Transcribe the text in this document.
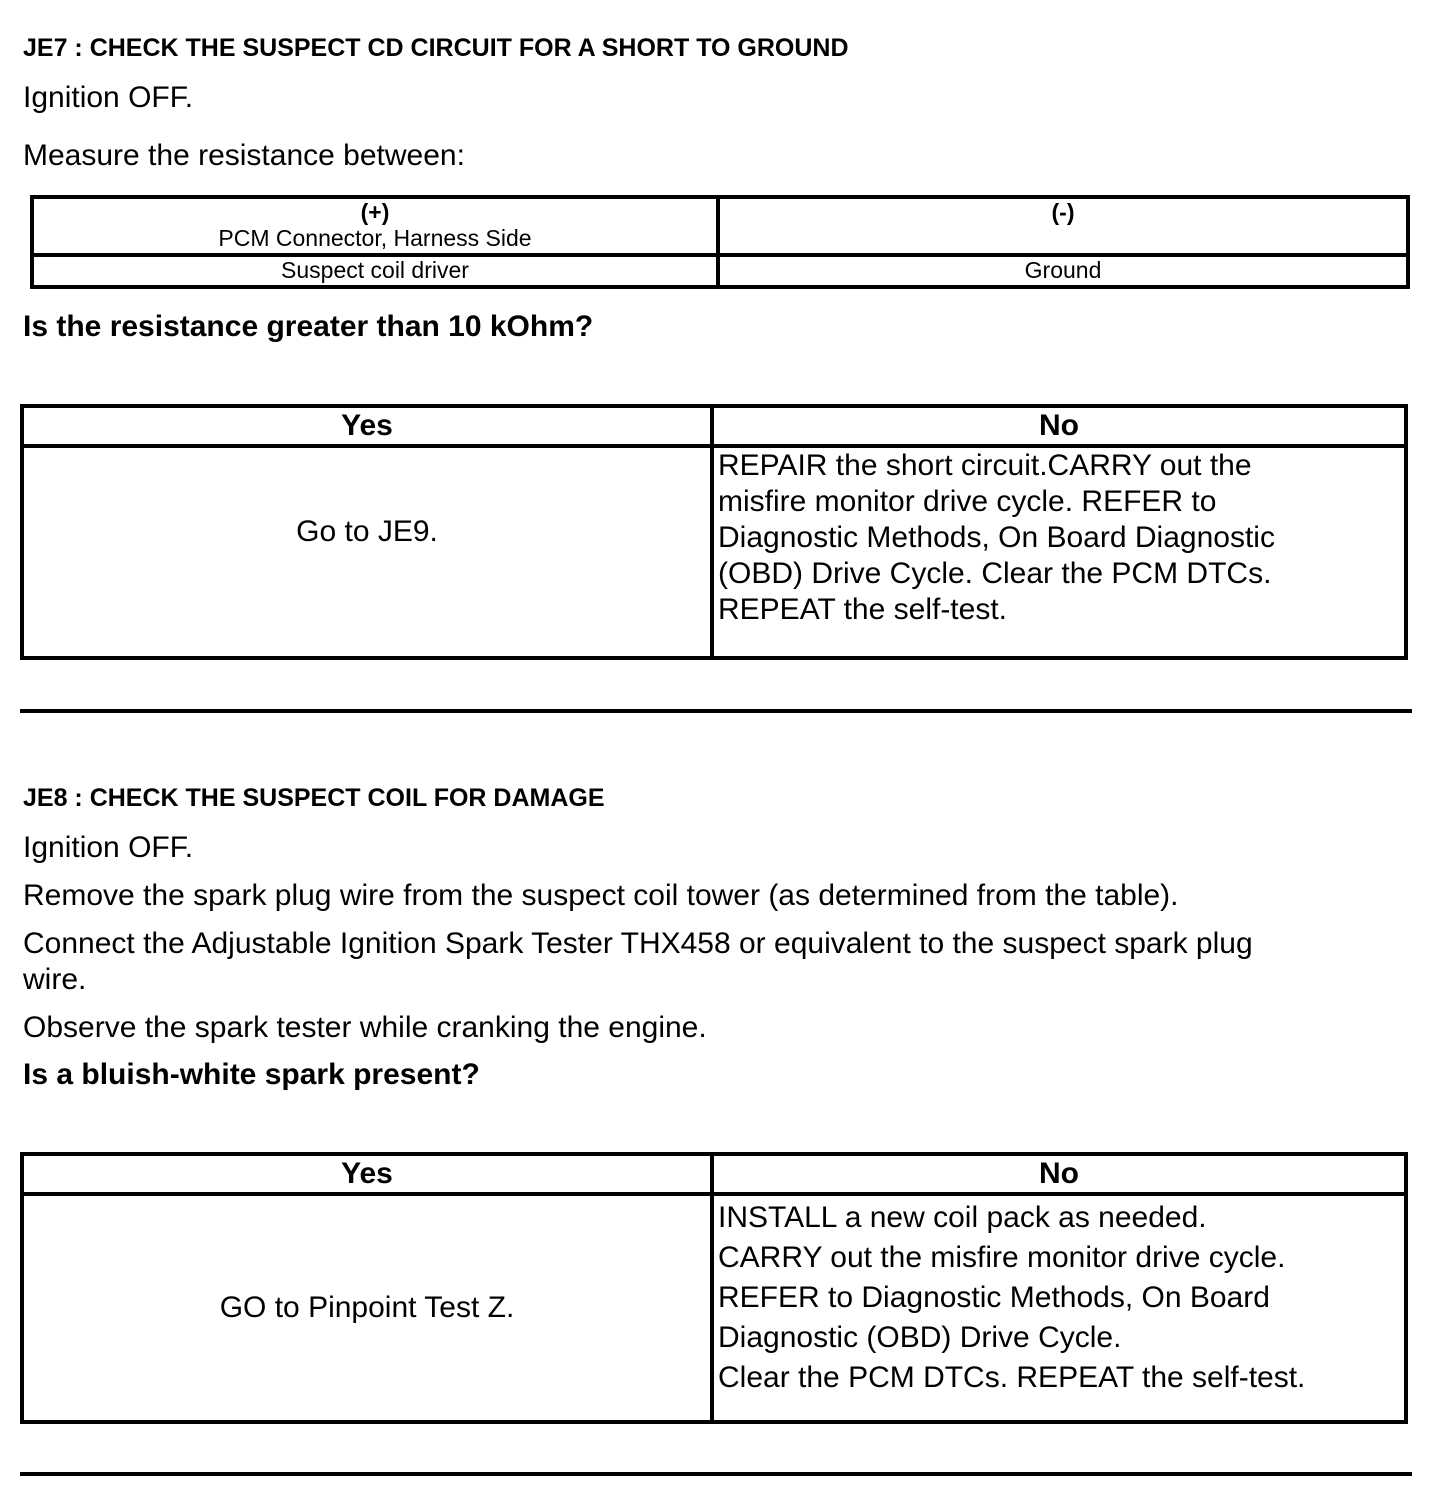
JE7 : CHECK THE SUSPECT CD CIRCUIT FOR A SHORT TO GROUND
Ignition OFF.
Measure the resistance between:
(+)
PCM Connector, Harness Side	(-)

Suspect coil driver	Ground
Is the resistance greater than 10 kOhm?
Yes	No
Go to JE9.	REPAIR the short circuit.CARRY out the
misfire monitor drive cycle. REFER to
Diagnostic Methods, On Board Diagnostic
(OBD) Drive Cycle. Clear the PCM DTCs.
REPEAT the self-test.
JE8 : CHECK THE SUSPECT COIL FOR DAMAGE
Ignition OFF.
Remove the spark plug wire from the suspect coil tower (as determined from the table).
Connect the Adjustable Ignition Spark Tester THX458 or equivalent to the suspect spark plug
wire.
Observe the spark tester while cranking the engine.
Is a bluish-white spark present?
Yes	No
GO to Pinpoint Test Z.	INSTALL a new coil pack as needed.
CARRY out the misfire monitor drive cycle.
REFER to Diagnostic Methods, On Board
Diagnostic (OBD) Drive Cycle.
Clear the PCM DTCs. REPEAT the self-test.
